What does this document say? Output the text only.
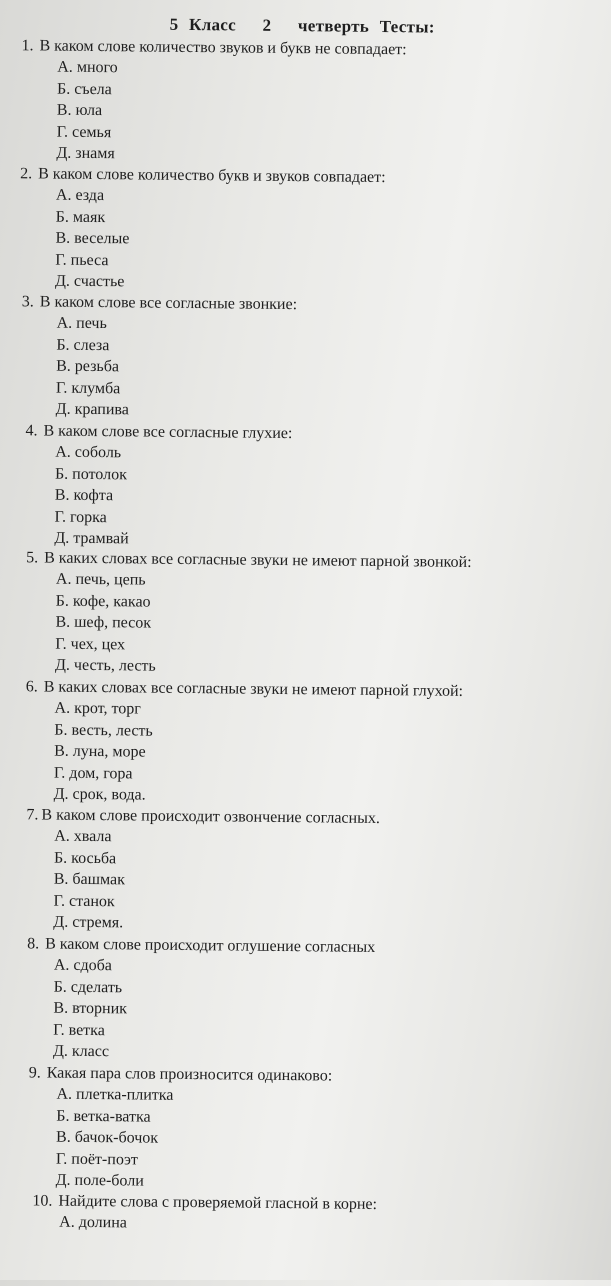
5 Класс 2 четверть Тесты:
1. В каком слове количество звуков и букв не совпадает:
А. много
Б. съела
В. юла
Г. семья
Д. знамя
2. В каком слове количество букв и звуков совпадает:
А. езда
Б. маяк
В. веселые
Г. пьеса
Д. счастье
3. В каком слове все согласные звонкие:
А. печь
Б. слеза
В. резьба
Г. клумба
Д. крапива
4. В каком слове все согласные глухие:
А. соболь
Б. потолок
В. кофта
Г. горка
Д. трамвай
5. В каких словах все согласные звуки не имеют парной звонкой:
А. печь, цепь
Б. кофе, какао
В. шеф, песок
Г. чех, цех
Д. честь, лесть
6. В каких словах все согласные звуки не имеют парной глухой:
А. крот, торг
Б. весть, лесть
В. луна, море
Г. дом, гора
Д. срок, вода.
7. В каком слове происходит озвончение согласных.
А. хвала
Б. косьба
В. башмак
Г. станок
Д. стремя.
8. В каком слове происходит оглушение согласных
А. сдоба
Б. сделать
В. вторник
Г. ветка
Д. класс
9. Какая пара слов произносится одинаково:
А. плетка-плитка
Б. ветка-ватка
В. бачок-бочок
Г. поёт-поэт
Д. поле-боли
10. Найдите слова с проверяемой гласной в корне:
А. долина
